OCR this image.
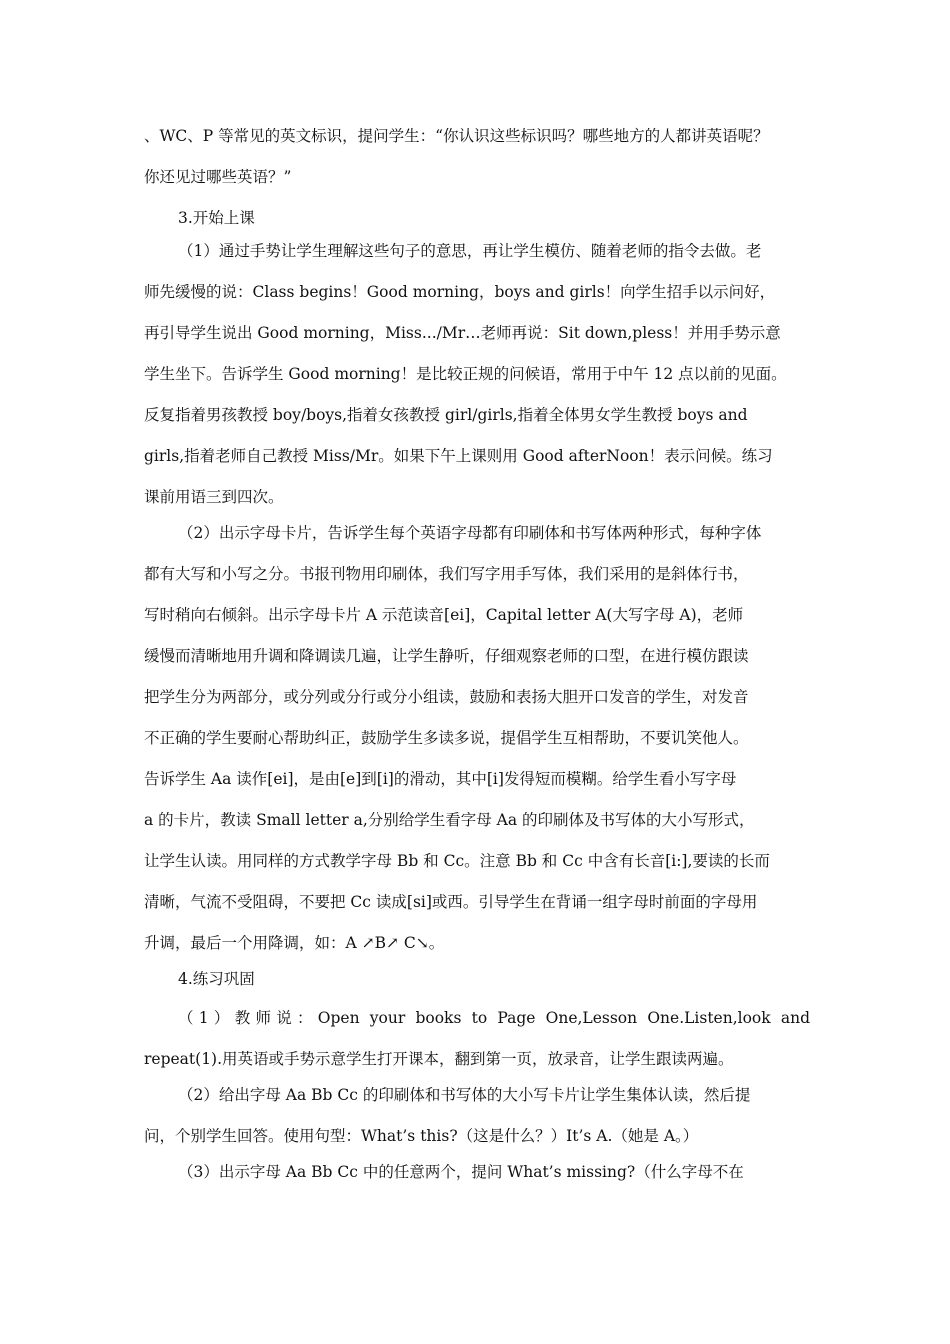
、WC、P 等常见的英文标识，提问学生：“你认识这些标识吗？哪些地方的人都讲英语呢？
你还见过哪些英语？”
3.开始上课
（1）通过手势让学生理解这些句子的意思，再让学生模仿、随着老师的指令去做。老
师先缓慢的说：Class begins！Good morning，boys and girls！向学生招手以示问好，
再引导学生说出 Good morning，Miss.../Mr…老师再说：Sit down,pless！并用手势示意
学生坐下。告诉学生 Good morning！是比较正规的问候语，常用于中午 12 点以前的见面。
反复指着男孩教授 boy/boys,指着女孩教授 girl/girls,指着全体男女学生教授 boys and
girls,指着老师自己教授 Miss/Mr。如果下午上课则用 Good afterNoon！表示问候。练习
课前用语三到四次。
（2）出示字母卡片，告诉学生每个英语字母都有印刷体和书写体两种形式，每种字体
都有大写和小写之分。书报刊物用印刷体，我们写字用手写体，我们采用的是斜体行书，
写时稍向右倾斜。出示字母卡片 A 示范读音[ei]，Capital letter A(大写字母 A)，老师
缓慢而清晰地用升调和降调读几遍，让学生静听，仔细观察老师的口型，在进行模仿跟读
把学生分为两部分，或分列或分行或分小组读，鼓励和表扬大胆开口发音的学生，对发音
不正确的学生要耐心帮助纠正，鼓励学生多读多说，提倡学生互相帮助，不要讥笑他人。
告诉学生 Aa 读作[ei]，是由[e]到[i]的滑动，其中[i]发得短而模糊。给学生看小写字母
a 的卡片，教读 Small letter a,分别给学生看字母 Aa 的印刷体及书写体的大小写形式，
让学生认读。用同样的方式教学字母 Bb 和 Cc。注意 Bb 和 Cc 中含有长音[i:],要读的长而
清晰，气流不受阻碍，不要把 Cc 读成[si]或西。引导学生在背诵一组字母时前面的字母用
升调，最后一个用降调，如：A ↗B↗ C↘。
4.练习巩固
（1）教师说：Open your books to Page One,Lesson One.Listen,look and
repeat(1).用英语或手势示意学生打开课本，翻到第一页，放录音，让学生跟读两遍。
（2）给出字母 Aa Bb Cc 的印刷体和书写体的大小写卡片让学生集体认读，然后提
问，个别学生回答。使用句型：What’s this?（这是什么？）It’s A.（她是 A。）
（3）出示字母 Aa Bb Cc 中的任意两个，提问 What’s missing?（什么字母不在
